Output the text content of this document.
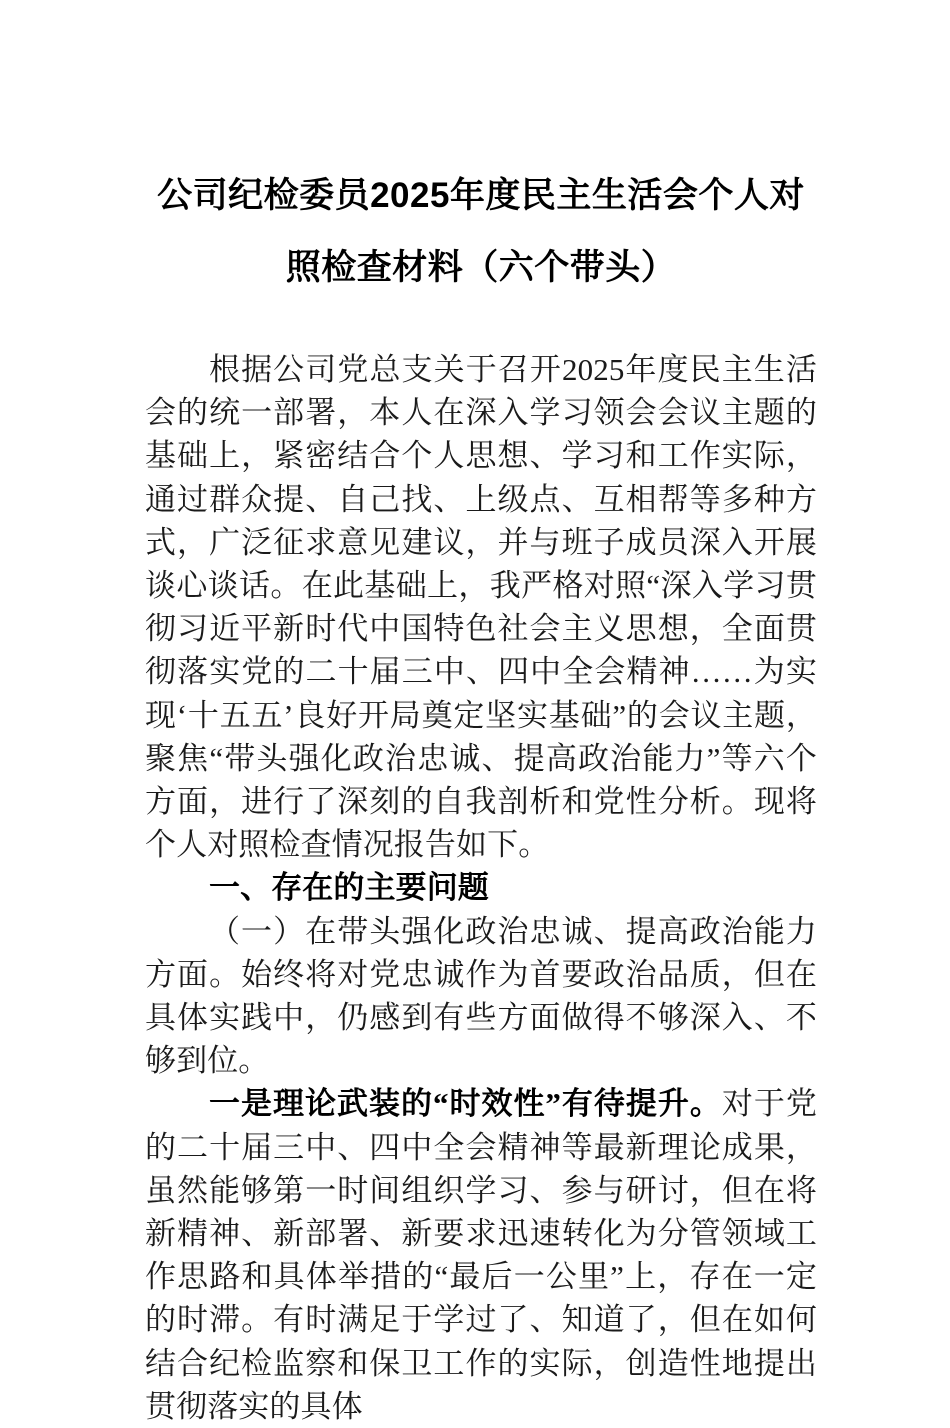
公司纪检委员2025年度民主生活会个人对
照检查材料（六个带头）

根据公司党总支关于召开2025年度民主生活会的统一部署，本人在深入学习领会会议主题的基础上，紧密结合个人思想、学习和工作实际，通过群众提、自己找、上级点、互相帮等多种方式，广泛征求意见建议，并与班子成员深入开展谈心谈话。在此基础上，我严格对照“深入学习贯彻习近平新时代中国特色社会主义思想，全面贯彻落实党的二十届三中、四中全会精神……为实现‘十五五’良好开局奠定坚实基础”的会议主题，聚焦“带头强化政治忠诚、提高政治能力”等六个方面，进行了深刻的自我剖析和党性分析。现将个人对照检查情况报告如下。

一、存在的主要问题

（一）在带头强化政治忠诚、提高政治能力方面。始终将对党忠诚作为首要政治品质，但在具体实践中，仍感到有些方面做得不够深入、不够到位。

一是理论武装的“时效性”有待提升。对于党的二十届三中、四中全会精神等最新理论成果，虽然能够第一时间组织学习、参与研讨，但在将新精神、新部署、新要求迅速转化为分管领域工作思路和具体举措的“最后一公里”上，存在一定的时滞。有时满足于学过了、知道了，但在如何结合纪检监察和保卫工作的实际，创造性地提出贯彻落实的具体
